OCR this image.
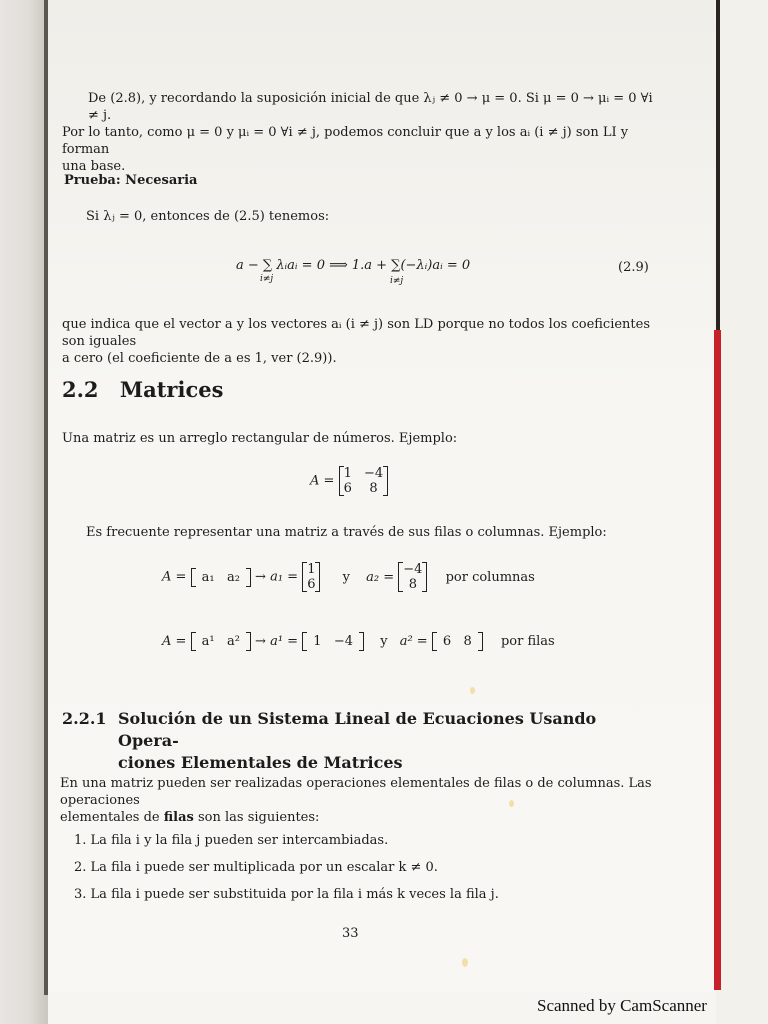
De (2.8), y recordando la suposición inicial de que λⱼ ≠ 0 → μ = 0. Si μ = 0 → μᵢ = 0 ∀i ≠ j.
Por lo tanto, como μ = 0 y μᵢ = 0 ∀i ≠ j, podemos concluir que a y los aᵢ (i ≠ j) son LI y forman
una base.
Prueba: Necesaria
Si λⱼ = 0, entonces de (2.5) tenemos:
a − ∑ λᵢaᵢ = 0 ⟹ 1.a + ∑(−λᵢ)aᵢ = 0
i≠j	i≠j
(2.9)
que indica que el vector a y los vectores aᵢ (i ≠ j) son LD porque no todos los coeficientes son iguales
a cero (el coeficiente de a es 1, ver (2.9)).
2.2 Matrices
Una matriz es un arreglo rectangular de números. Ejemplo:
A = 1
6 −4
8
Es frecuente representar una matriz a través de sus filas o columnas. Ejemplo:
A = a₁ a₂ → a₁ = 1
6 y a₂ = −4
8 por columnas
A = a¹ a² → a¹ = 1 −4 y a² = 6 8 por filas
2.2.1 Solución de un Sistema Lineal de Ecuaciones Usando Opera-
ciones Elementales de Matrices
En una matriz pueden ser realizadas operaciones elementales de filas o de columnas. Las operaciones
elementales de filas son las siguientes:
1. La fila i y la fila j pueden ser intercambiadas.
2. La fila i puede ser multiplicada por un escalar k ≠ 0.
3. La fila i puede ser substituida por la fila i más k veces la fila j.
33
Scanned by CamScanner
